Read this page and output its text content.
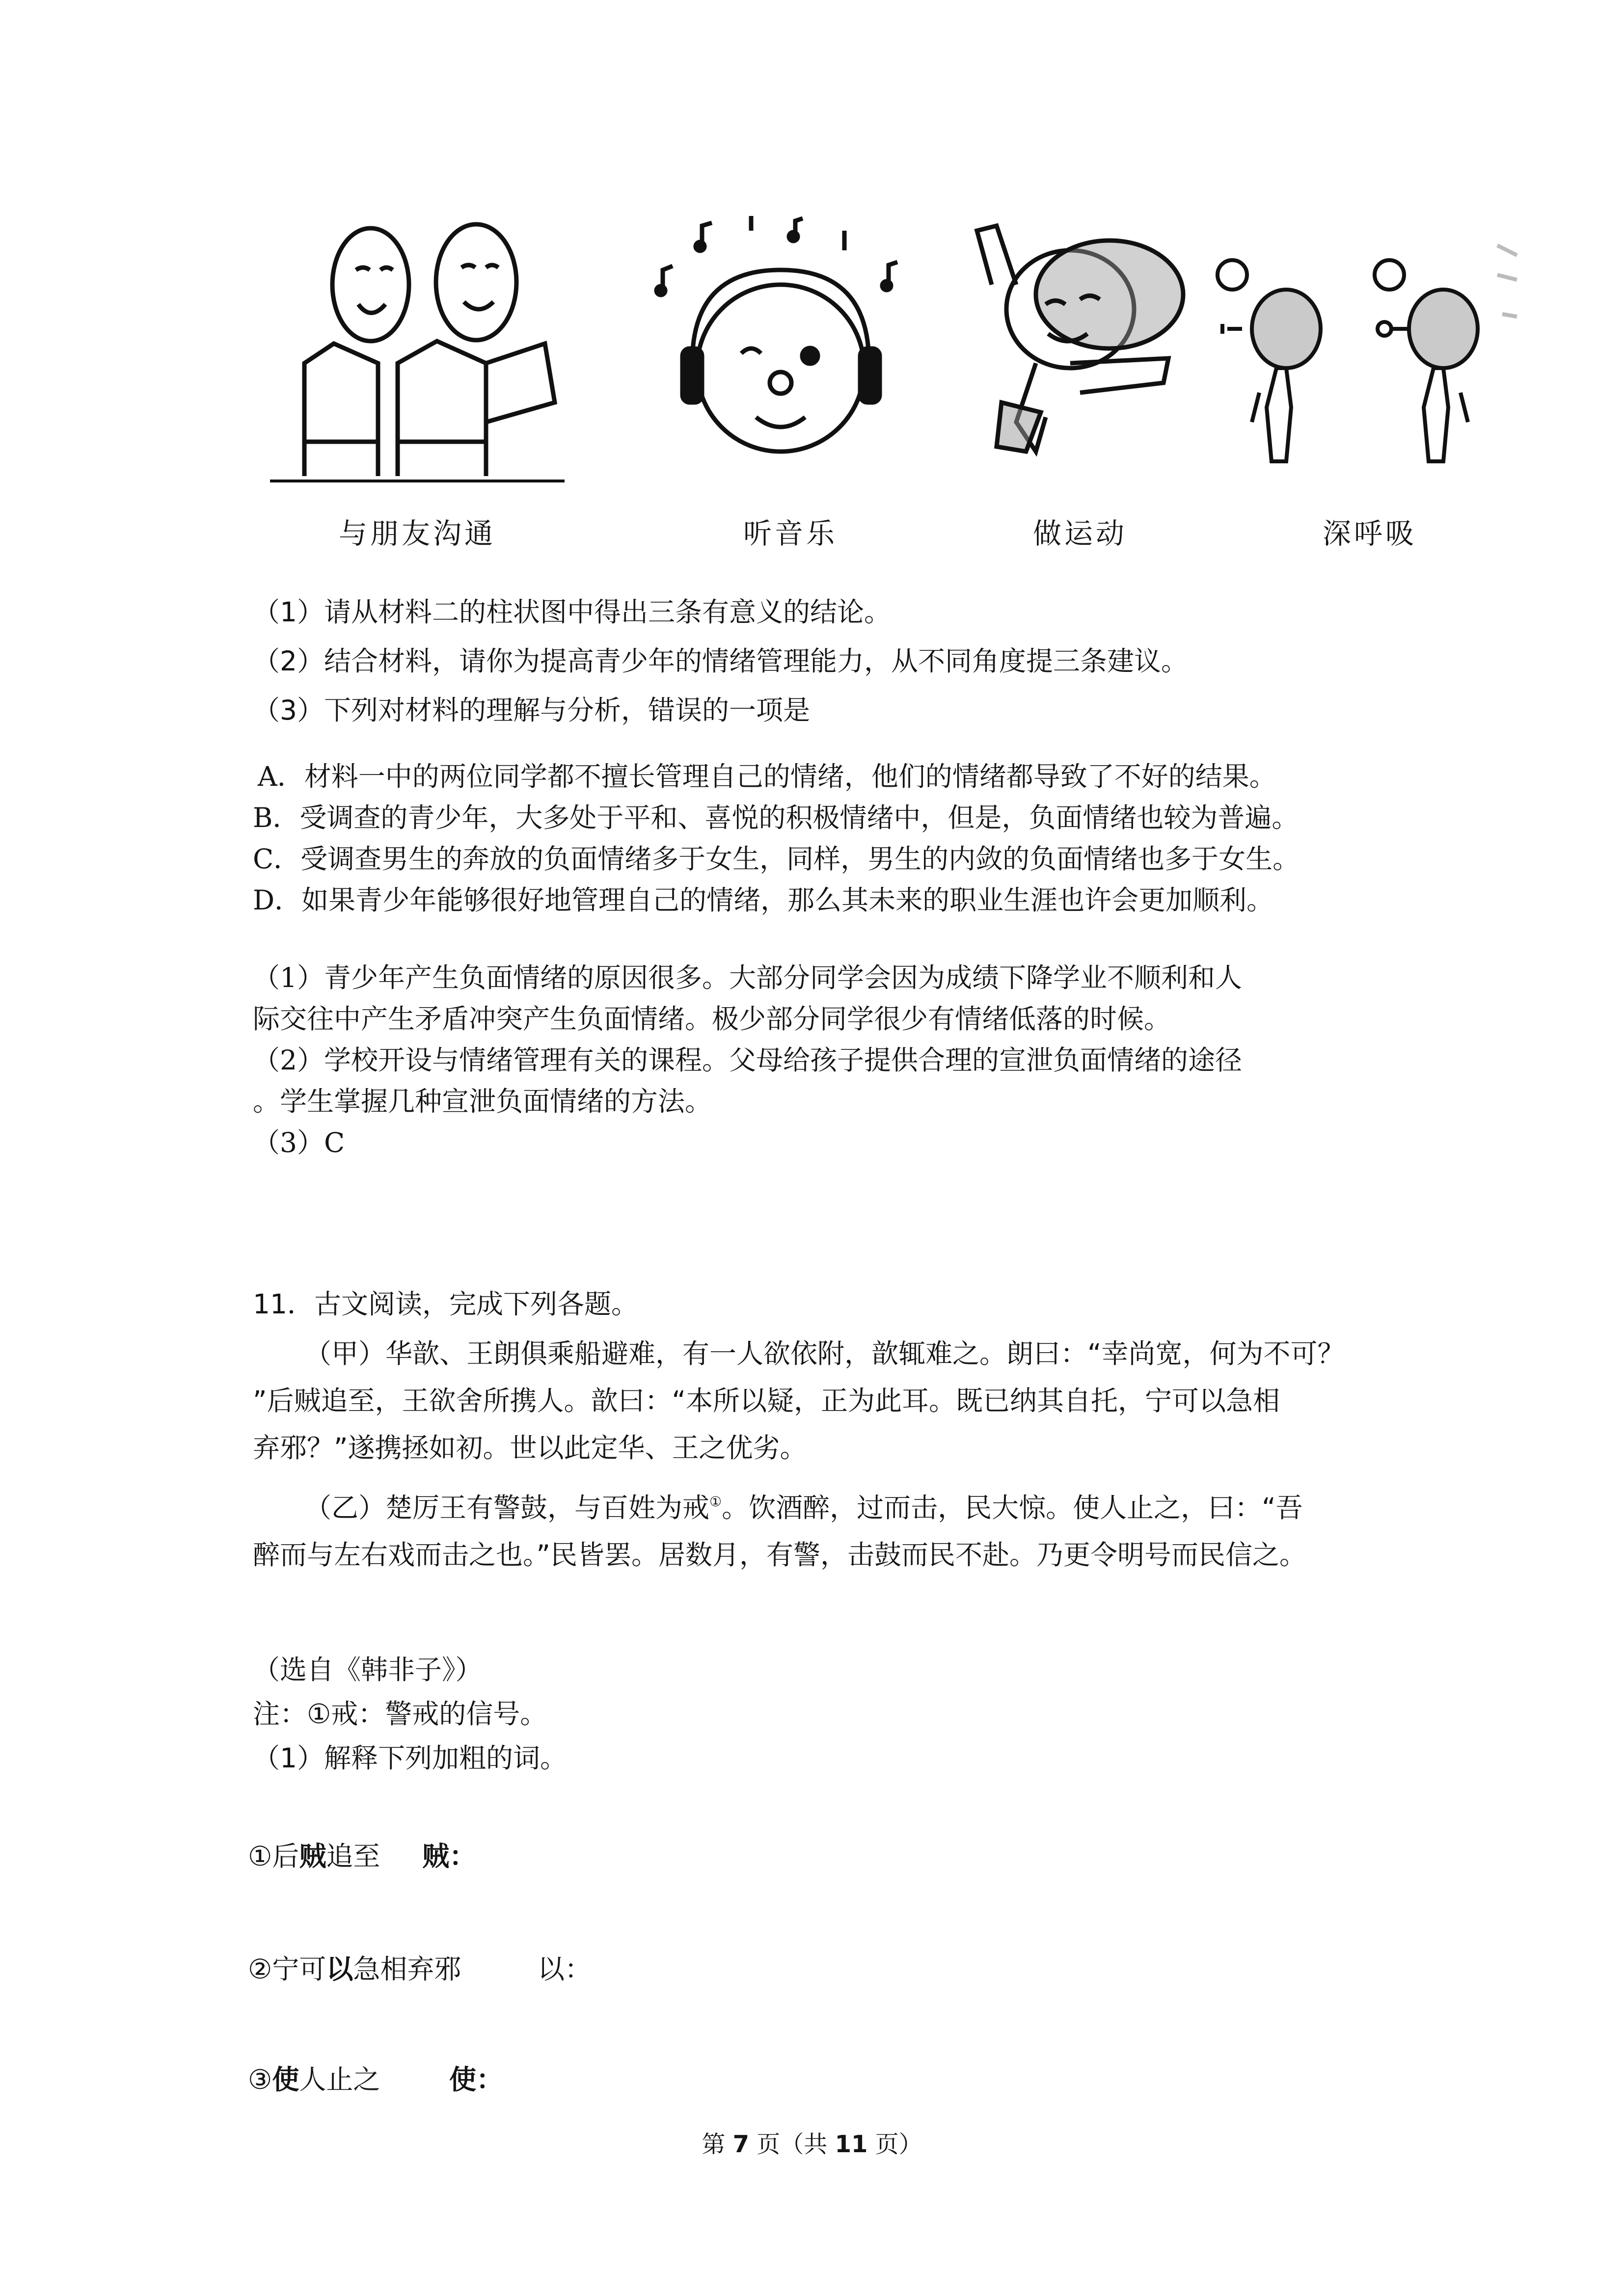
与朋友沟通	听音乐	做运动	深呼吸
（1）请从材料二的柱状图中得出三条有意义的结论。
（2）结合材料，请你为提高青少年的情绪管理能力，从不同角度提三条建议。
（3）下列对材料的理解与分析，错误的一项是
A．材料一中的两位同学都不擅长管理自己的情绪，他们的情绪都导致了不好的结果。
B．受调查的青少年，大多处于平和、喜悦的积极情绪中，但是，负面情绪也较为普遍。
C．受调查男生的奔放的负面情绪多于女生，同样，男生的内敛的负面情绪也多于女生。
D．如果青少年能够很好地管理自己的情绪，那么其未来的职业生涯也许会更加顺利。
（1）青少年产生负面情绪的原因很多。大部分同学会因为成绩下降学业不顺利和人
际交往中产生矛盾冲突产生负面情绪。极少部分同学很少有情绪低落的时候。
（2）学校开设与情绪管理有关的课程。父母给孩子提供合理的宣泄负面情绪的途径
。学生掌握几种宣泄负面情绪的方法。
（3）C
11．古文阅读，完成下列各题。
（甲）华歆、王朗俱乘船避难，有一人欲依附，歆辄难之。朗曰：“幸尚宽，何为不可？
”后贼追至，王欲舍所携人。歆曰：“本所以疑，正为此耳。既已纳其自托，宁可以急相
弃邪？”遂携拯如初。世以此定华、王之优劣。
（乙）楚厉王有警鼓，与百姓为戒①。饮酒醉，过而击，民大惊。使人止之，曰：“吾
醉而与左右戏而击之也。”民皆罢。居数月，有警，击鼓而民不赴。乃更令明号而民信之。
（选自《韩非子》）
注：①戒：警戒的信号。
（1）解释下列加粗的词。
①后贼追至 贼：
②宁可以急相弃邪	以：
③使人止之	使：
第 7 页（共 11 页）
